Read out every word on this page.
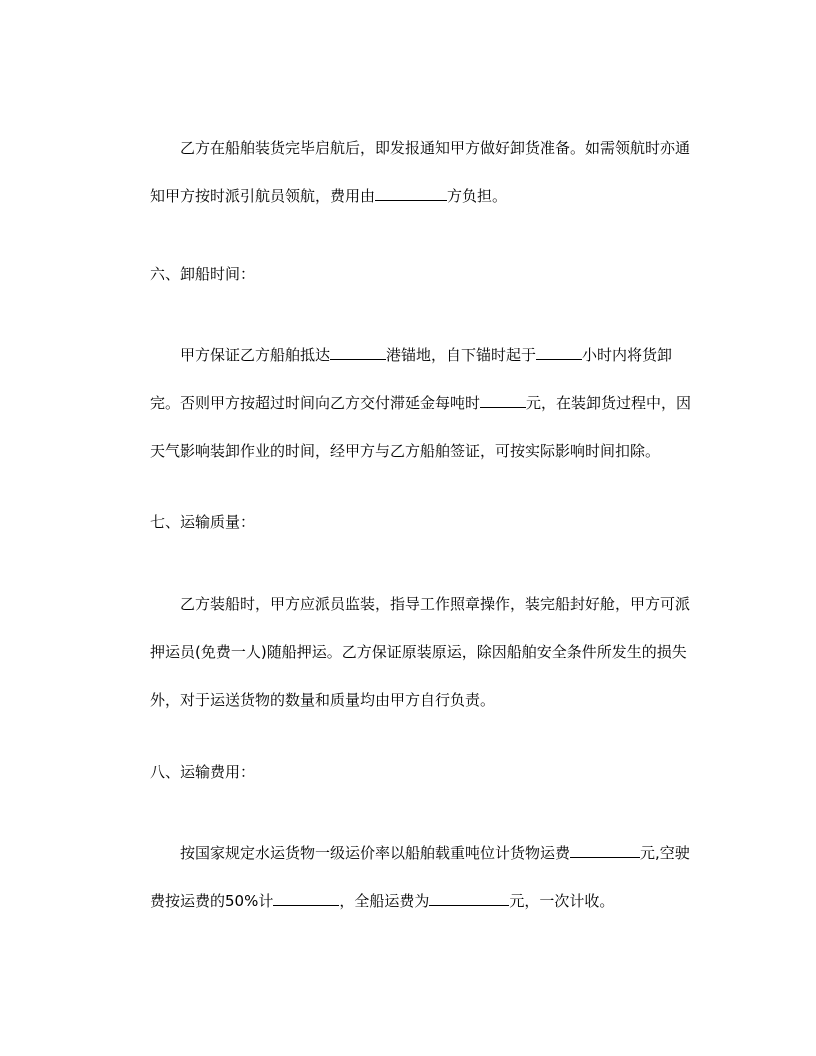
乙方在船舶装货完毕启航后，即发报通知甲方做好卸货准备。如需领航时亦通
知甲方按时派引航员领航，费用由	方负担。
六、卸船时间：
甲方保证乙方船舶抵达	港锚地，自下锚时起于	小时内将货卸
完。否则甲方按超过时间向乙方交付滞延金每吨时	元，在装卸货过程中，因
天气影响装卸作业的时间，经甲方与乙方船舶签证，可按实际影响时间扣除。
七、运输质量：
乙方装船时，甲方应派员监装，指导工作照章操作，装完船封好舱，甲方可派
押运员(免费一人)随船押运。乙方保证原装原运，除因船舶安全条件所发生的损失
外，对于运送货物的数量和质量均由甲方自行负责。
八、运输费用：
按国家规定水运货物一级运价率以船舶载重吨位计货物运费	元,空驶
费按运费的50%计	，全船运费为	元，一次计收。
